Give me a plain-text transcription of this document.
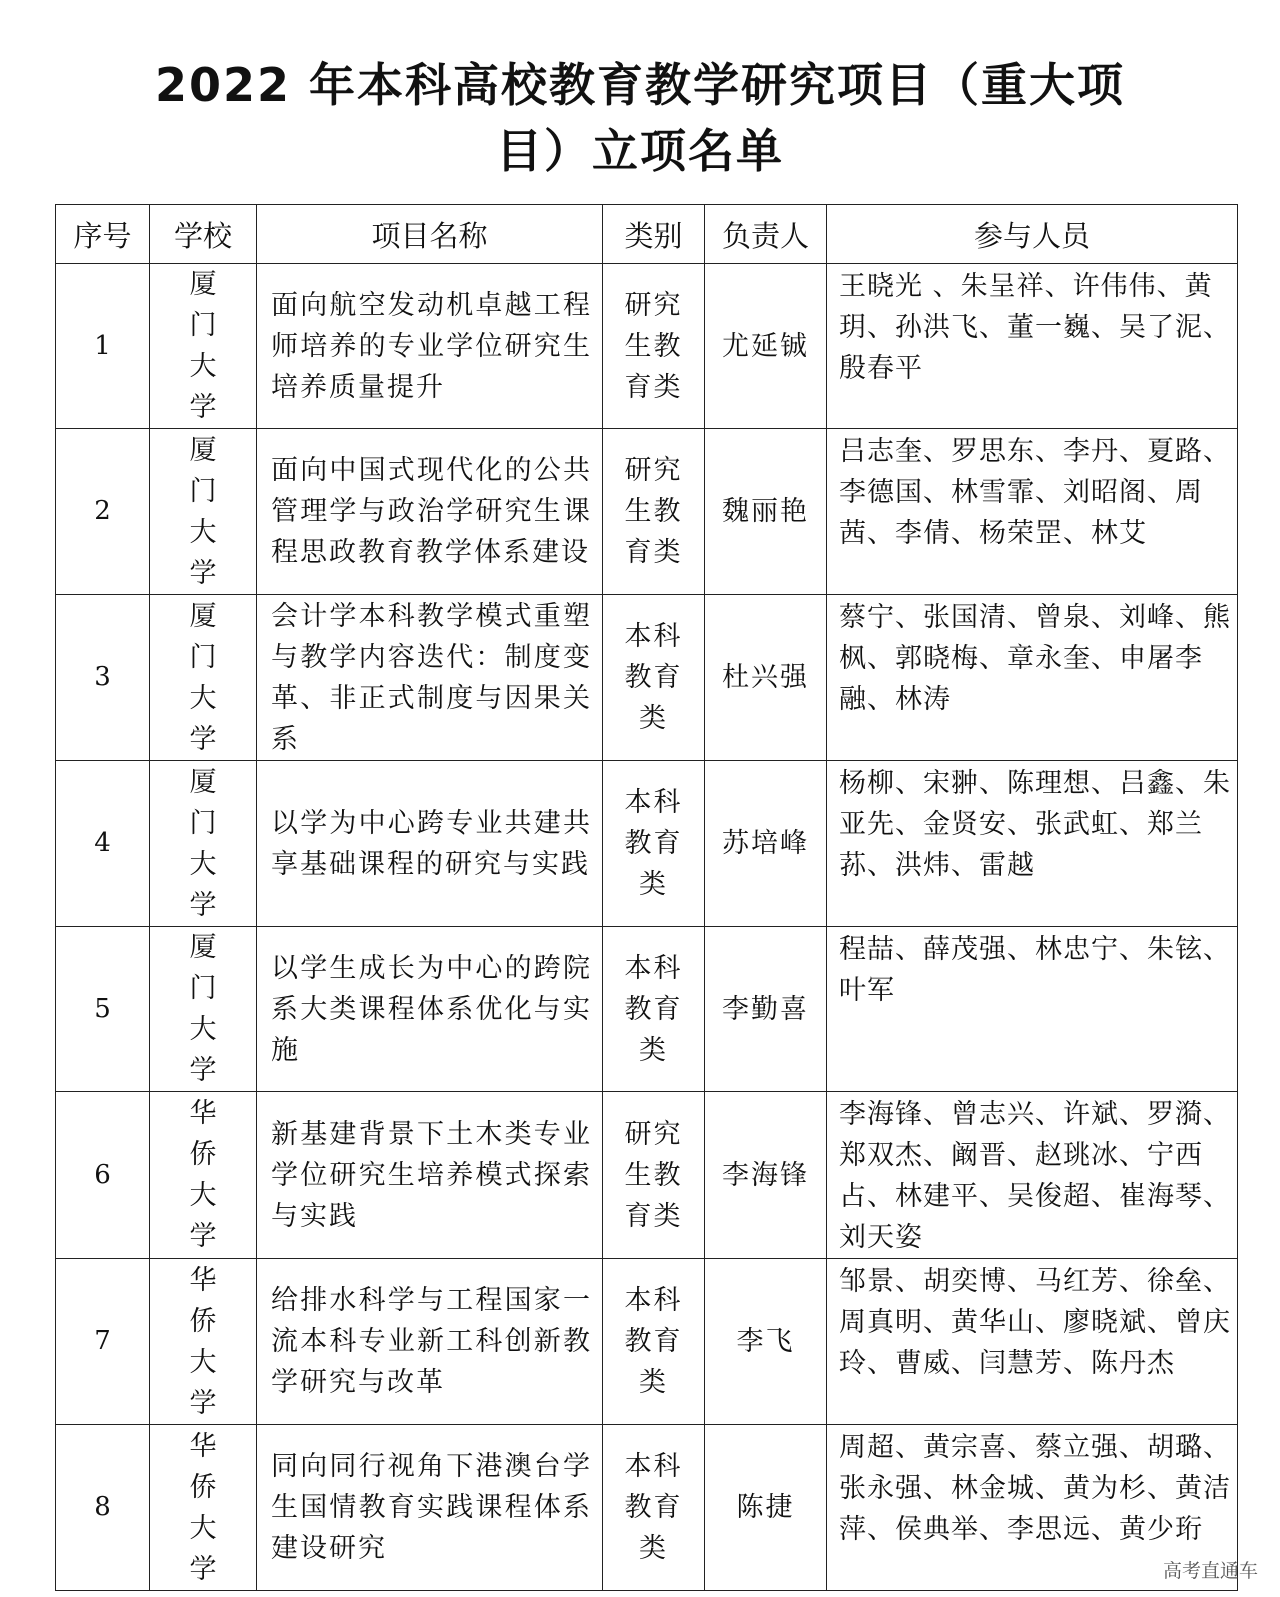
2022 年本科高校教育教学研究项目（重大项
目）立项名单
序号	学校	项目名称	类别	负责人	参与人员
1	厦门大学	面向航空发动机卓越工程师培养的专业学位研究生培养质量提升	研究生教育类	尤延铖	王晓光 、朱呈祥、许伟伟、黄玥、孙洪飞、董一巍、吴了泥、殷春平
2	厦门大学	面向中国式现代化的公共管理学与政治学研究生课程思政教育教学体系建设	研究生教育类	魏丽艳	吕志奎、罗思东、李丹、夏路、李德国、林雪霏、刘昭阁、周茜、李倩、杨荣罡、林艾
3	厦门大学	会计学本科教学模式重塑与教学内容迭代：制度变革、非正式制度与因果关系	本科教育类	杜兴强	蔡宁、张国清、曾泉、刘峰、熊枫、郭晓梅、章永奎、申屠李融、林涛
4	厦门大学	以学为中心跨专业共建共享基础课程的研究与实践	本科教育类	苏培峰	杨柳、宋翀、陈理想、吕鑫、朱亚先、金贤安、张武虹、郑兰荪、洪炜、雷越
5	厦门大学	以学生成长为中心的跨院系大类课程体系优化与实施	本科教育类	李勤喜	程喆、薛茂强、林忠宁、朱铉、叶军
6	华侨大学	新基建背景下土木类专业学位研究生培养模式探索与实践	研究生教育类	李海锋	李海锋、曾志兴、许斌、罗漪、郑双杰、阚晋、赵珧冰、宁西占、林建平、吴俊超、崔海琴、刘天姿
7	华侨大学	给排水科学与工程国家一流本科专业新工科创新教学研究与改革	本科教育类	李飞	邹景、胡奕博、马红芳、徐垒、周真明、黄华山、廖晓斌、曾庆玲、曹威、闫慧芳、陈丹杰
8	华侨大学	同向同行视角下港澳台学生国情教育实践课程体系建设研究	本科教育类	陈捷	周超、黄宗喜、蔡立强、胡璐、张永强、林金城、黄为杉、黄洁萍、侯典举、李思远、黄少珩
高考直通车
